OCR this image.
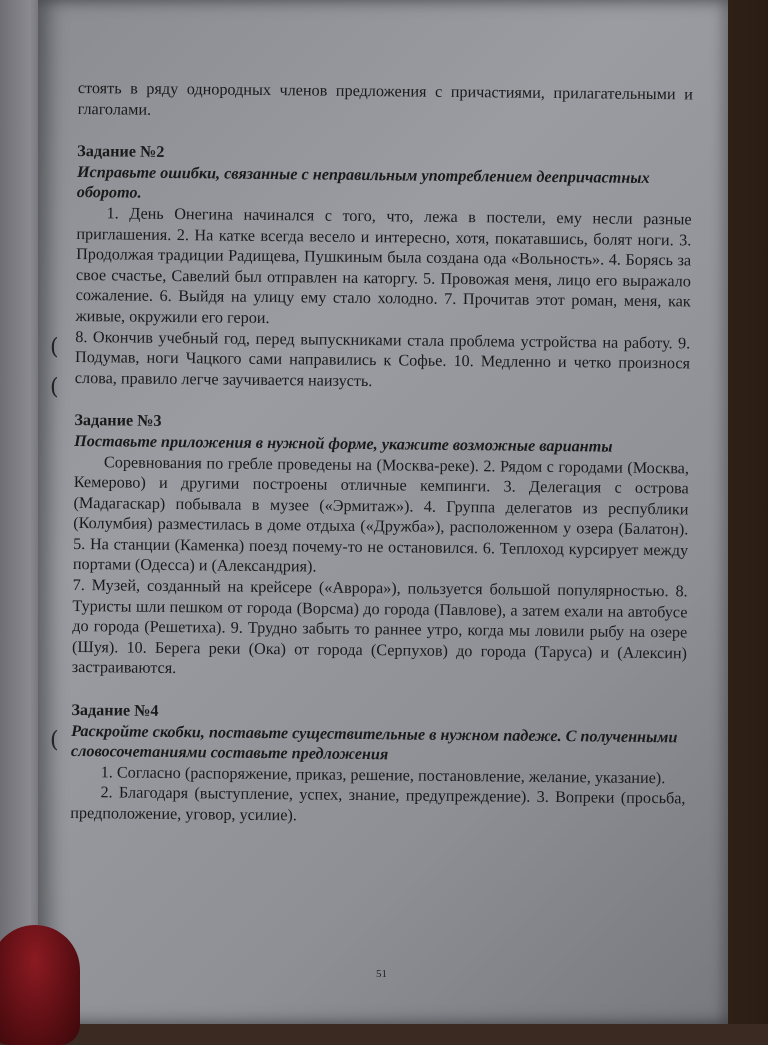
(
(
(

стоять в ряду однородных членов предложения с причастиями, прилагательными и глаголами.

Задание №2

Исправьте ошибки, связанные с неправильным употреблением деепричастных оборото.

1. День Онегина начинался с того, что, лежа в постели, ему несли разные приглашения. 2. На катке всегда весело и интересно, хотя, покатавшись, болят ноги. 3. Продолжая традиции Радищева, Пушкиным была создана ода «Вольность». 4. Борясь за свое счастье, Савелий был отправлен на каторгу. 5. Провожая меня, лицо его выражало сожаление. 6. Выйдя на улицу ему стало холодно. 7. Прочитав этот роман, меня, как живые, окружили его герои.

8. Окончив учебный год, перед выпускниками стала проблема устройства на работу. 9. Подумав, ноги Чацкого сами направились к Софье. 10. Медленно и четко произнося слова, правило легче заучивается наизусть.

Задание №3

Поставьте приложения в нужной форме, укажите возможные варианты

Соревнования по гребле проведены на (Москва-реке). 2. Рядом с городами (Москва, Кемерово) и другими построены отличные кемпинги. 3. Делегация с острова (Мадагаскар) побывала в музее («Эрмитаж»). 4. Группа делегатов из республики (Колумбия) разместилась в доме отдыха («Дружба»), расположенном у озера (Балатон). 5. На станции (Каменка) поезд почему-то не остановился. 6. Теплоход курсирует между портами (Одесса) и (Александрия).

7. Музей, созданный на крейсере («Аврора»), пользуется большой популярностью. 8. Туристы шли пешком от города (Ворсма) до города (Павлове), а затем ехали на автобусе до города (Решетиха). 9. Трудно забыть то раннее утро, когда мы ловили рыбу на озере (Шуя). 10. Берега реки (Ока) от города (Серпухов) до города (Таруса) и (Алексин) застраиваются.

Задание №4

Раскройте скобки, поставьте существительные в нужном падеже. С полученными словосочетаниями составьте предложения

1. Согласно (распоряжение, приказ, решение, постановление, желание, указание).

2. Благодаря (выступление, успех, знание, предупреждение). 3. Вопреки (просьба, предположение, уговор, усилие).

51
